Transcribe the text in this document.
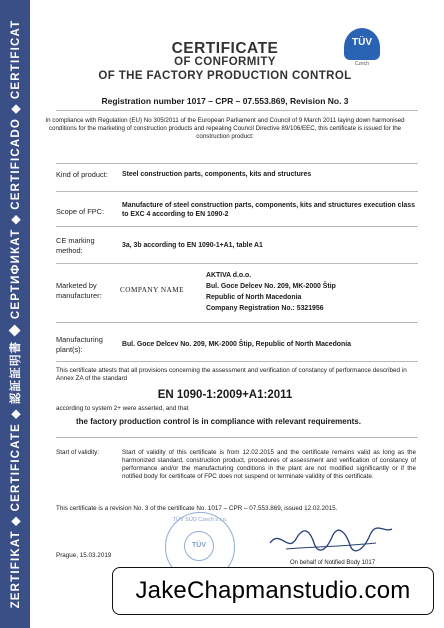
ZERTIFIKAT ◆ CERTIFICATE ◆ 認証証明書 ◆ СЕРТИФИКАТ ◆ CERTIFICADO ◆ CERTIFICAT	CERTIFICATE
OF CONFORMITY
OF THE FACTORY PRODUCTION CONTROL
TÜV
Czech
Registration number 1017 – CPR – 07.553.869, Revision No. 3
In compliance with Regulation (EU) No 305/2011 of the European Parliament and Council of 9 March 2011 laying down harmonised conditions for the marketing of construction products and repealing Council Directive 89/106/EEC, this certificate is issued for the construction product:
Kind of product: Steel construction parts, components, kits and structures
Scope of FPC:
Manufacture of steel construction parts, components, kits and structures execution class to EXC 4 according to EN 1090-2
CE marking method:
3a, 3b according to EN 1090-1+A1, table A1
Marketed by manufacturer:
COMPANY NAME
AKTIVA d.o.o.
Bul. Goce Delcev No. 209, MK-2000 Štip
Republic of North Macedonia
Company Registration No.: 5321956
Manufacturing plant(s):
Bul. Goce Delcev No. 209, MK-2000 Štip, Republic of North Macedonia
This certificate attests that all provisions concerning the assessment and verification of constancy of performance described in Annex ZA of the standard
EN 1090-1:2009+A1:2011
according to system 2+ were asserted, and that
the factory production control is in compliance with relevant requirements.
Start of validity:	Start of validity of this certificate is from 12.02.2015 and the certificate remains valid as long as the harmonized standard, construction product, procedures of assessment and verification of constancy of performance and/or the manufacturing conditions in the plant are not modified significantly or if the notified body for certificate of FPC does not suspend or terminate validity of this certificate.
This certificate is a revision No. 3 of the certificate No. 1017 – CPR – 07.553.869, issued 12.02.2015.
Prague, 15.03.2019
TÜV SÜD Czech s.r.o.
TÜV
On behalf of Notified Body 1017
JakeChapmanstudio.com
